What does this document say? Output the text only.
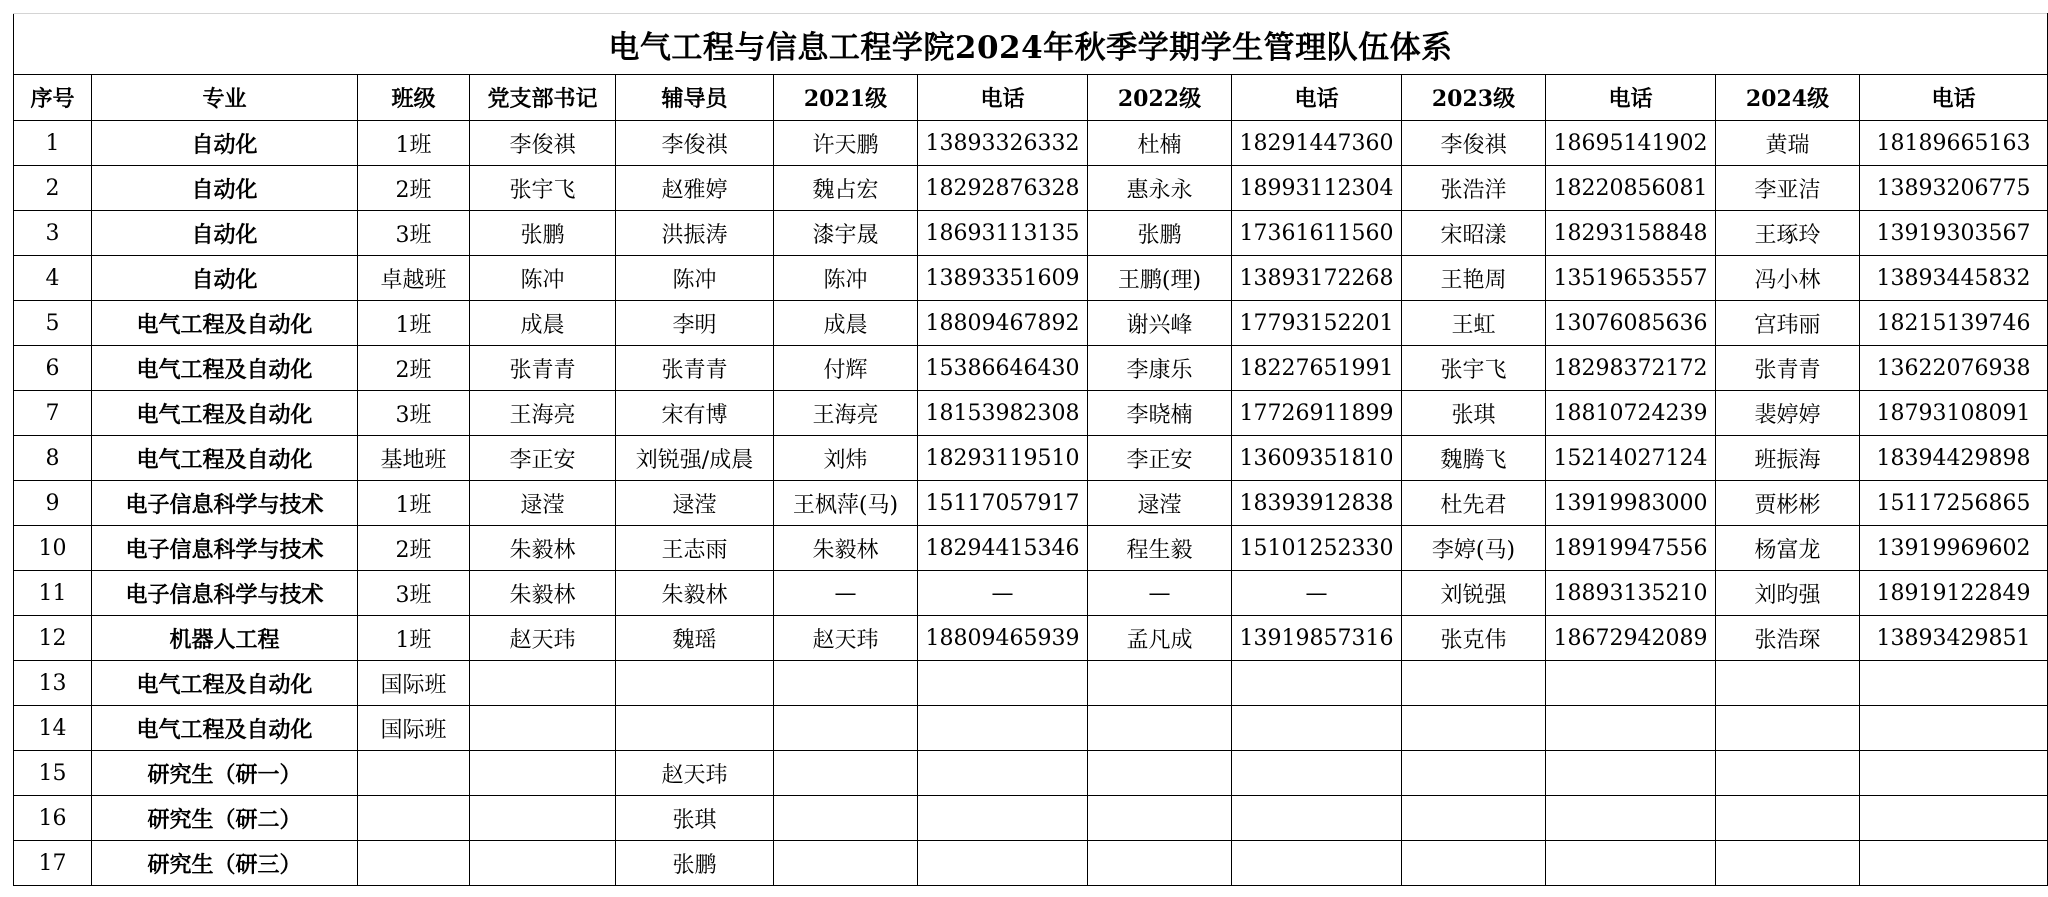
电气工程与信息工程学院2024年秋季学期学生管理队伍体系												
序号	专业	班级	党支部书记	辅导员	2021级	电话	2022级	电话	2023级	电话	2024级	电话
1	自动化	1班	李俊祺	李俊祺	许天鹏	13893326332	杜楠	18291447360	李俊祺	18695141902	黄瑞	18189665163
2	自动化	2班	张宇飞	赵雅婷	魏占宏	18292876328	惠永永	18993112304	张浩洋	18220856081	李亚洁	13893206775
3	自动化	3班	张鹏	洪振涛	漆宇晟	18693113135	张鹏	17361611560	宋昭漾	18293158848	王琢玲	13919303567
4	自动化	卓越班	陈冲	陈冲	陈冲	13893351609	王鹏(理)	13893172268	王艳周	13519653557	冯小林	13893445832
5	电气工程及自动化	1班	成晨	李明	成晨	18809467892	谢兴峰	17793152201	王虹	13076085636	宫玮丽	18215139746
6	电气工程及自动化	2班	张青青	张青青	付辉	15386646430	李康乐	18227651991	张宇飞	18298372172	张青青	13622076938
7	电气工程及自动化	3班	王海亮	宋有博	王海亮	18153982308	李晓楠	17726911899	张琪	18810724239	裴婷婷	18793108091
8	电气工程及自动化	基地班	李正安	刘锐强/成晨	刘炜	18293119510	李正安	13609351810	魏腾飞	15214027124	班振海	18394429898
9	电子信息科学与技术	1班	逯滢	逯滢	王枫萍(马)	15117057917	逯滢	18393912838	杜先君	13919983000	贾彬彬	15117256865
10	电子信息科学与技术	2班	朱毅林	王志雨	朱毅林	18294415346	程生毅	15101252330	李婷(马)	18919947556	杨富龙	13919969602
11	电子信息科学与技术	3班	朱毅林	朱毅林	—	—	—	—	刘锐强	18893135210	刘昀强	18919122849
12	机器人工程	1班	赵天玮	魏瑶	赵天玮	18809465939	孟凡成	13919857316	张克伟	18672942089	张浩琛	13893429851
13	电气工程及自动化	国际班										
14	电气工程及自动化	国际班										
15	研究生（研一）			赵天玮								
16	研究生（研二）			张琪								
17	研究生（研三）			张鹏								
